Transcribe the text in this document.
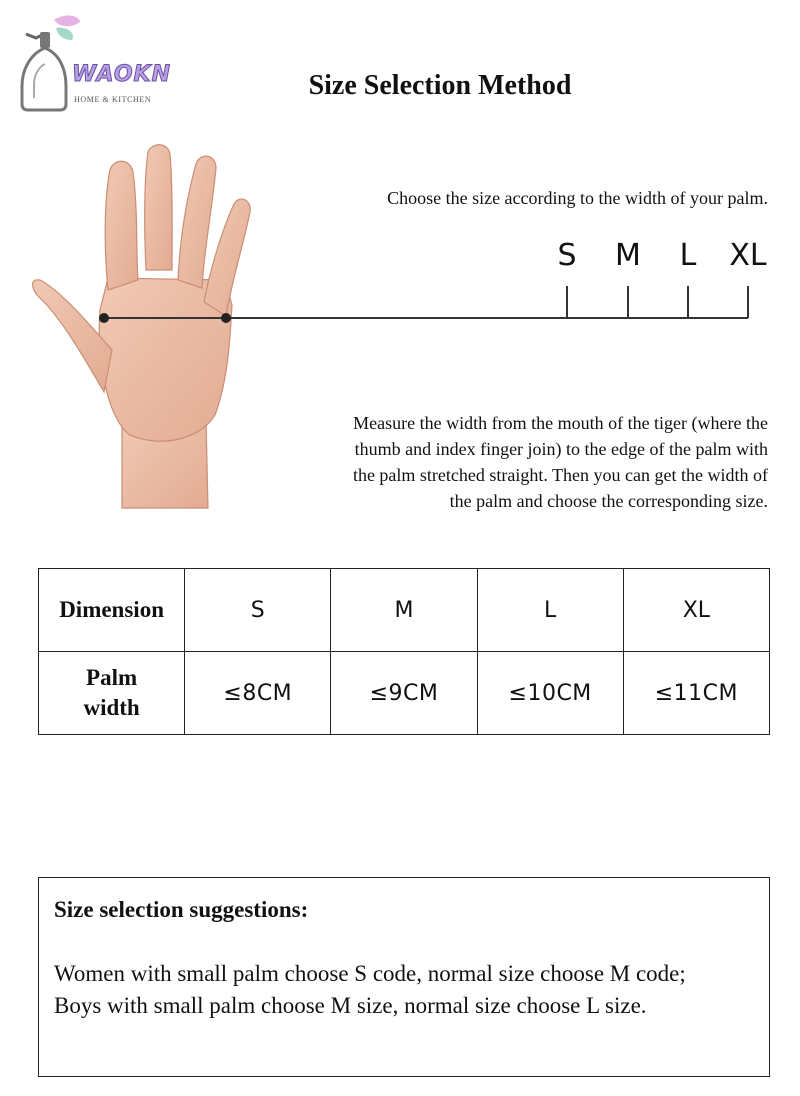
WAOKN
HOME & KITCHEN	Size Selection Method
Choose the size according to the width of your palm.
S M L XL
Measure the width from the mouth of the tiger (where the
thumb and index finger join) to the edge of the palm with
the palm stretched straight. Then you can get the width of
the palm and choose the corresponding size.
Dimension	S	M	L	XL

Palm width	≤8CM	≤9CM	≤10CM	≤11CM
Size selection suggestions:
Women with small palm choose S code, normal size choose M code;
Boys with small palm choose M size, normal size choose L size.
